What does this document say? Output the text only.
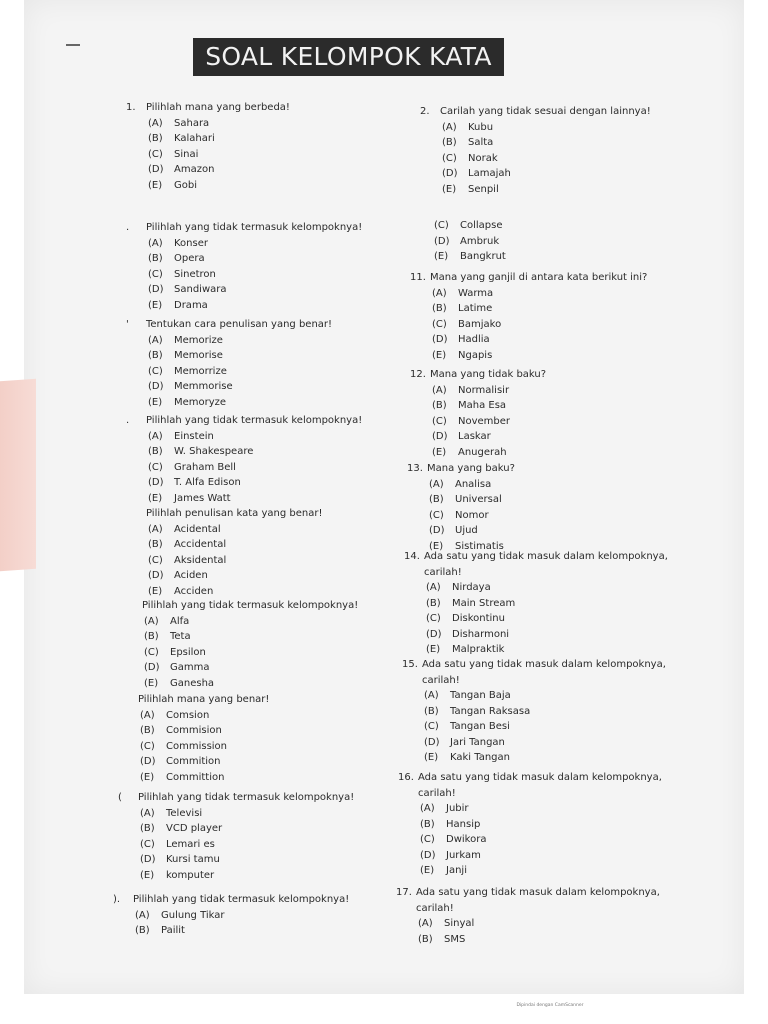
SOAL KELOMPOK KATA
1.	Pilihlah mana yang berbeda!
(A)	Sahara
(B)	Kalahari
(C)	Sinai
(D)	Amazon
(E)	Gobi
.	Pilihlah yang tidak termasuk kelompoknya!
(A)	Konser
(B)	Opera
(C)	Sinetron
(D)	Sandiwara
(E)	Drama
'	Tentukan cara penulisan yang benar!
(A)	Memorize
(B)	Memorise
(C)	Memorrize
(D)	Memmorise
(E)	Memoryze
.	Pilihlah yang tidak termasuk kelompoknya!
(A)	Einstein
(B)	W. Shakespeare
(C)	Graham Bell
(D)	T. Alfa Edison
(E)	James Watt
Pilihlah penulisan kata yang benar!
(A)	Acidental
(B)	Accidental
(C)	Aksidental
(D)	Aciden
(E)	Acciden
Pilihlah yang tidak termasuk kelompoknya!
(A)	Alfa
(B)	Teta
(C)	Epsilon
(D)	Gamma
(E)	Ganesha
Pilihlah mana yang benar!
(A)	Comsion
(B)	Commision
(C)	Commission
(D)	Commition
(E)	Committion
(	Pilihlah yang tidak termasuk kelompoknya!
(A)	Televisi
(B)	VCD player
(C)	Lemari es
(D)	Kursi tamu
(E)	komputer
).	Pilihlah yang tidak termasuk kelompoknya!
(A)	Gulung Tikar
(B)	Pailit
2.	Carilah yang tidak sesuai dengan lainnya!
(A)	Kubu
(B)	Salta
(C)	Norak
(D)	Lamajah
(E)	Senpil
(C)	Collapse
(D)	Ambruk
(E)	Bangkrut
11. Mana yang ganjil di antara kata berikut ini?
(A)	Warma
(B)	Latime
(C)	Bamjako
(D)	Hadlia
(E)	Ngapis
12. Mana yang tidak baku?
(A)	Normalisir
(B)	Maha Esa
(C)	November
(D)	Laskar
(E)	Anugerah
13. Mana yang baku?
(A)	Analisa
(B)	Universal
(C)	Nomor
(D)	Ujud
(E)	Sistimatis
14. Ada satu yang tidak masuk dalam kelompoknya, carilah!
(A)	Nirdaya
(B)	Main Stream
(C)	Diskontinu
(D)	Disharmoni
(E)	Malpraktik
15. Ada satu yang tidak masuk dalam kelompoknya, carilah!
(A)	Tangan Baja
(B)	Tangan Raksasa
(C)	Tangan Besi
(D)	Jari Tangan
(E)	Kaki Tangan
16. Ada satu yang tidak masuk dalam kelompoknya, carilah!
(A)	Jubir
(B)	Hansip
(C)	Dwikora
(D)	Jurkam
(E)	Janji
17. Ada satu yang tidak masuk dalam kelompoknya, carilah!
(A)	Sinyal
(B)	SMS
Dipindai dengan CamScanner
